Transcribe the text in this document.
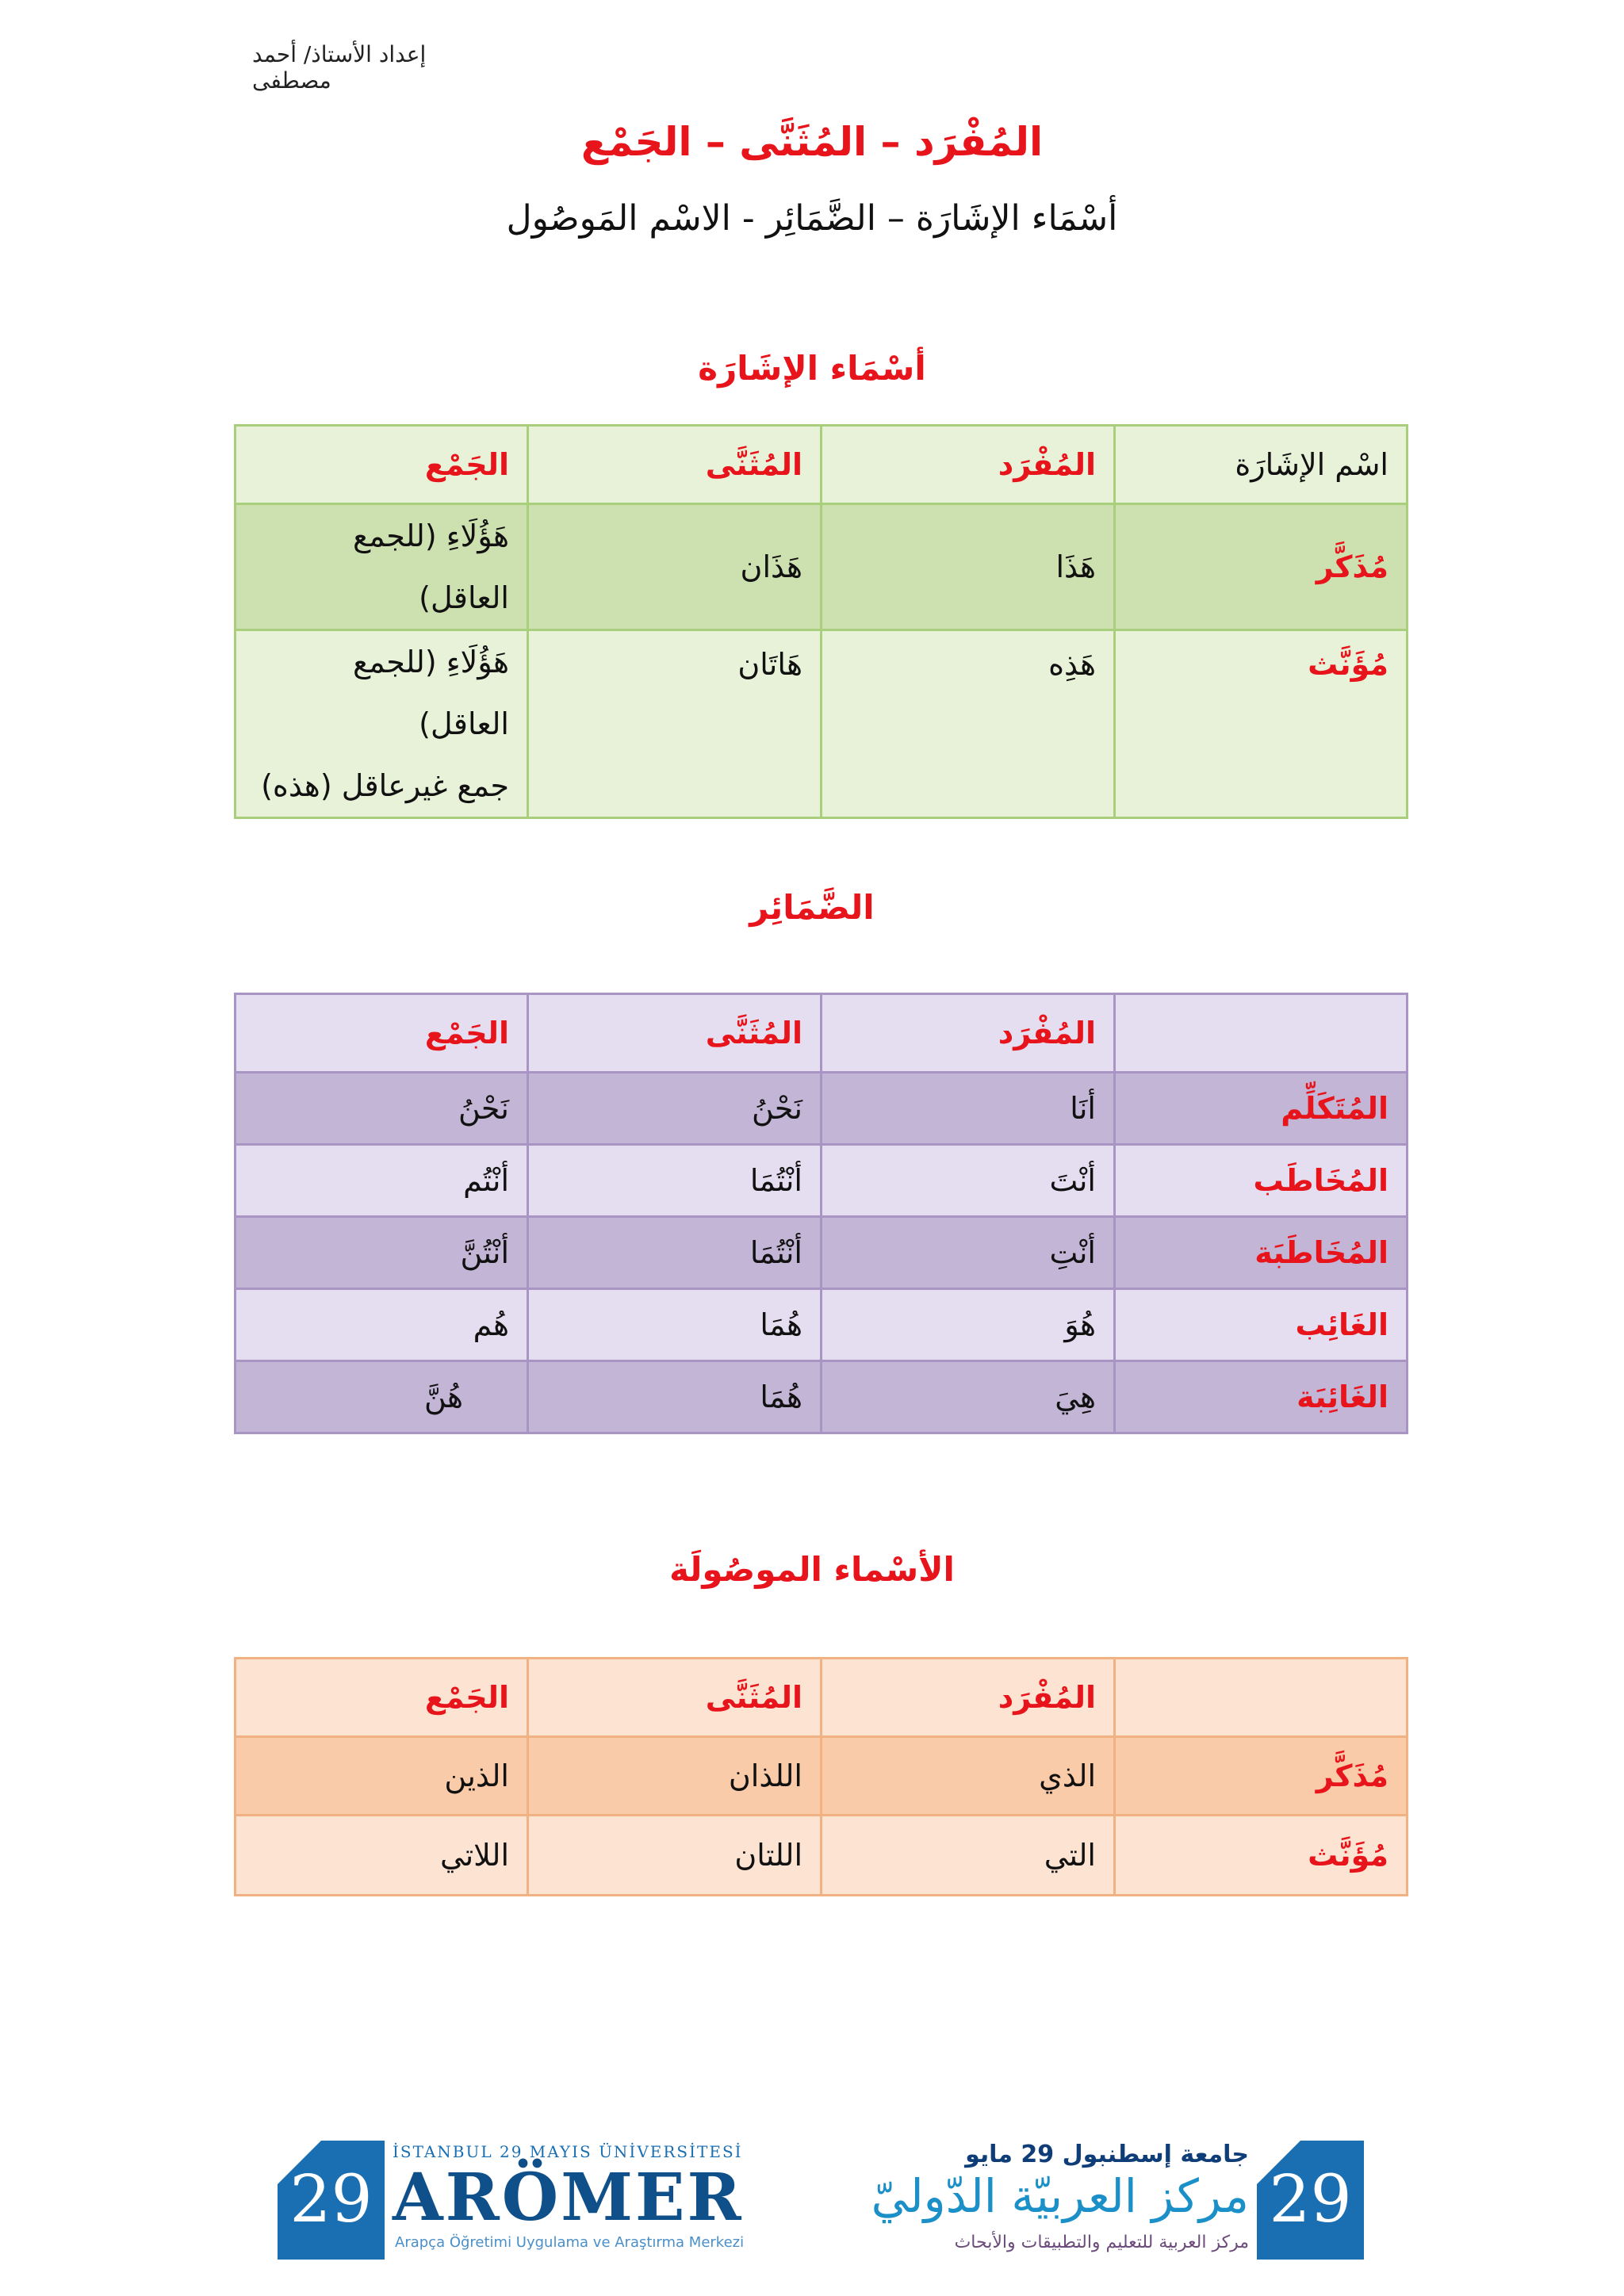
إعداد الأستاذ/ أحمد مصطفى
المُفْرَد – المُثَنَّى – الجَمْع
أسْمَاء الإشَارَة – الضَّمَائِر - الاسْم المَوصُول
أسْمَاء الإشَارَة
اسْم الإشَارَة	المُفْرَد	المُثَنَّى	الجَمْع
مُذَكَّر	هَذَا	هَذَان	هَؤُلَاءِ (للجمع العاقل)
مُؤَنَّث	هَذِه	هَاتَان	هَؤُلَاءِ (للجمع العاقل)
جمع غيرعاقل (هذه)
الضَّمَائِر
	المُفْرَد	المُثَنَّى	الجَمْع
المُتَكَلِّم	أنَا	نَحْنُ	نَحْنُ
المُخَاطَب	أنْتَ	أنْتُمَا	أنْتُم
المُخَاطَبَة	أنْتِ	أنْتُمَا	أنْتُنَّ
الغَائِب	هُوَ	هُمَا	هُم
الغَائِبَة	هِيَ	هُمَا	هُنَّ
الأسْماء الموصُولَة
	المُفْرَد	المُثَنَّى	الجَمْع
مُذَكَّر	الذي	اللذان	الذين
مُؤَنَّث	التي	اللتان	اللاتي
29
İSTANBUL 29 MAYIS ÜNİVERSİTESİ
ARÖMER
Arapça Öğretimi Uygulama ve Araştırma Merkezi
جامعة إسطنبول 29 مايو
مركز العربيّة الدّوليّ
مركز العربية للتعليم والتطبيقات والأبحاث
29
